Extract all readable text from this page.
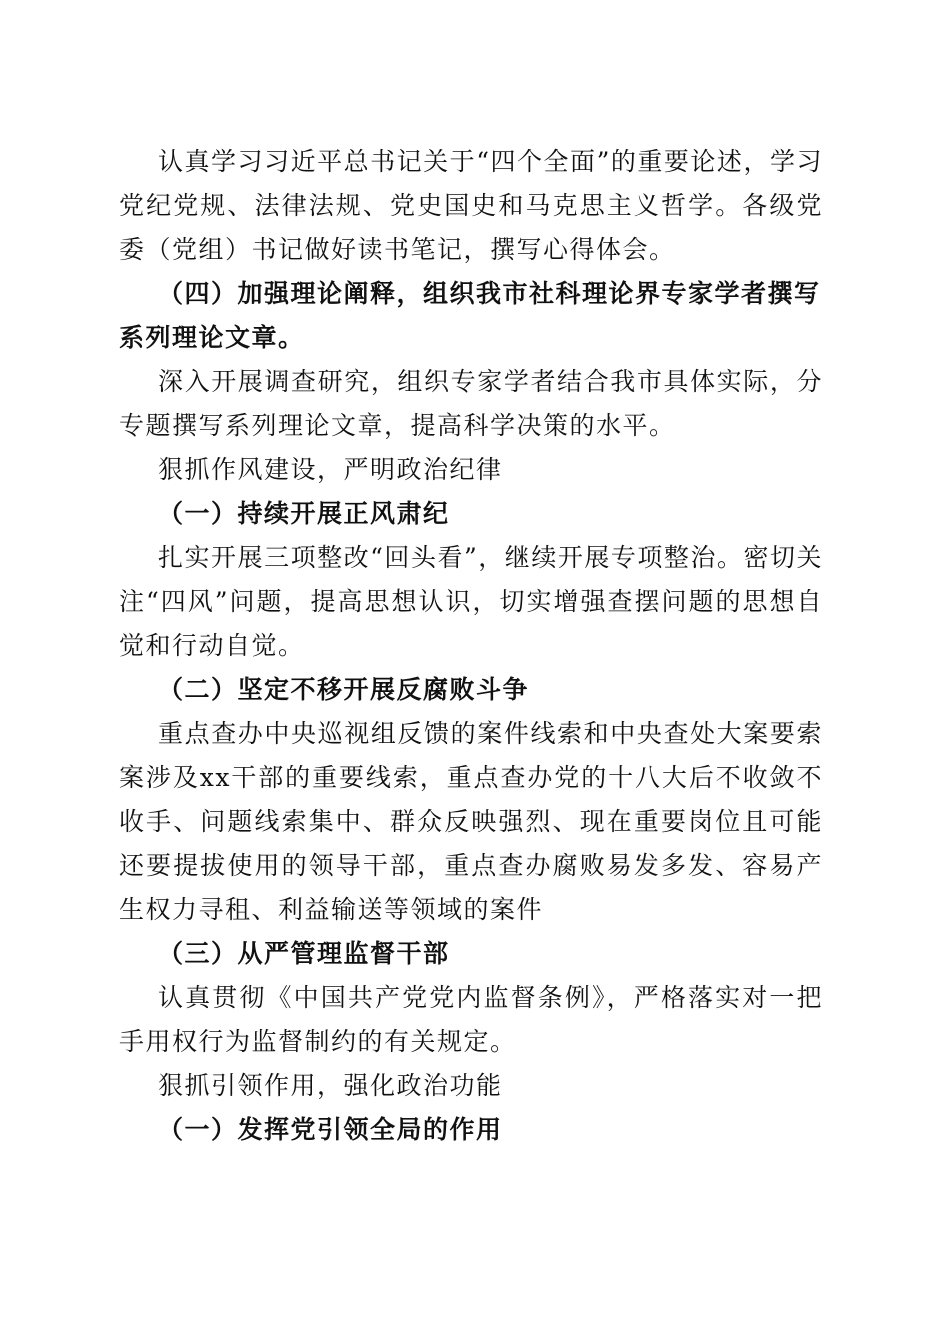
认真学习习近平总书记关于“四个全面”的重要论述，学习党纪党规、法律法规、党史国史和马克思主义哲学。各级党委（党组）书记做好读书笔记，撰写心得体会。

（四）加强理论阐释，组织我市社科理论界专家学者撰写系列理论文章。

深入开展调查研究，组织专家学者结合我市具体实际，分专题撰写系列理论文章，提高科学决策的水平。

狠抓作风建设，严明政治纪律

（一）持续开展正风肃纪

扎实开展三项整改“回头看”，继续开展专项整治。密切关注“四风”问题，提高思想认识，切实增强查摆问题的思想自觉和行动自觉。

（二）坚定不移开展反腐败斗争

重点查办中央巡视组反馈的案件线索和中央查处大案要索案涉及xx干部的重要线索，重点查办党的十八大后不收敛不收手、问题线索集中、群众反映强烈、现在重要岗位且可能还要提拔使用的领导干部，重点查办腐败易发多发、容易产生权力寻租、利益输送等领域的案件

（三）从严管理监督干部

认真贯彻《中国共产党党内监督条例》，严格落实对一把手用权行为监督制约的有关规定。

狠抓引领作用，强化政治功能

（一）发挥党引领全局的作用
